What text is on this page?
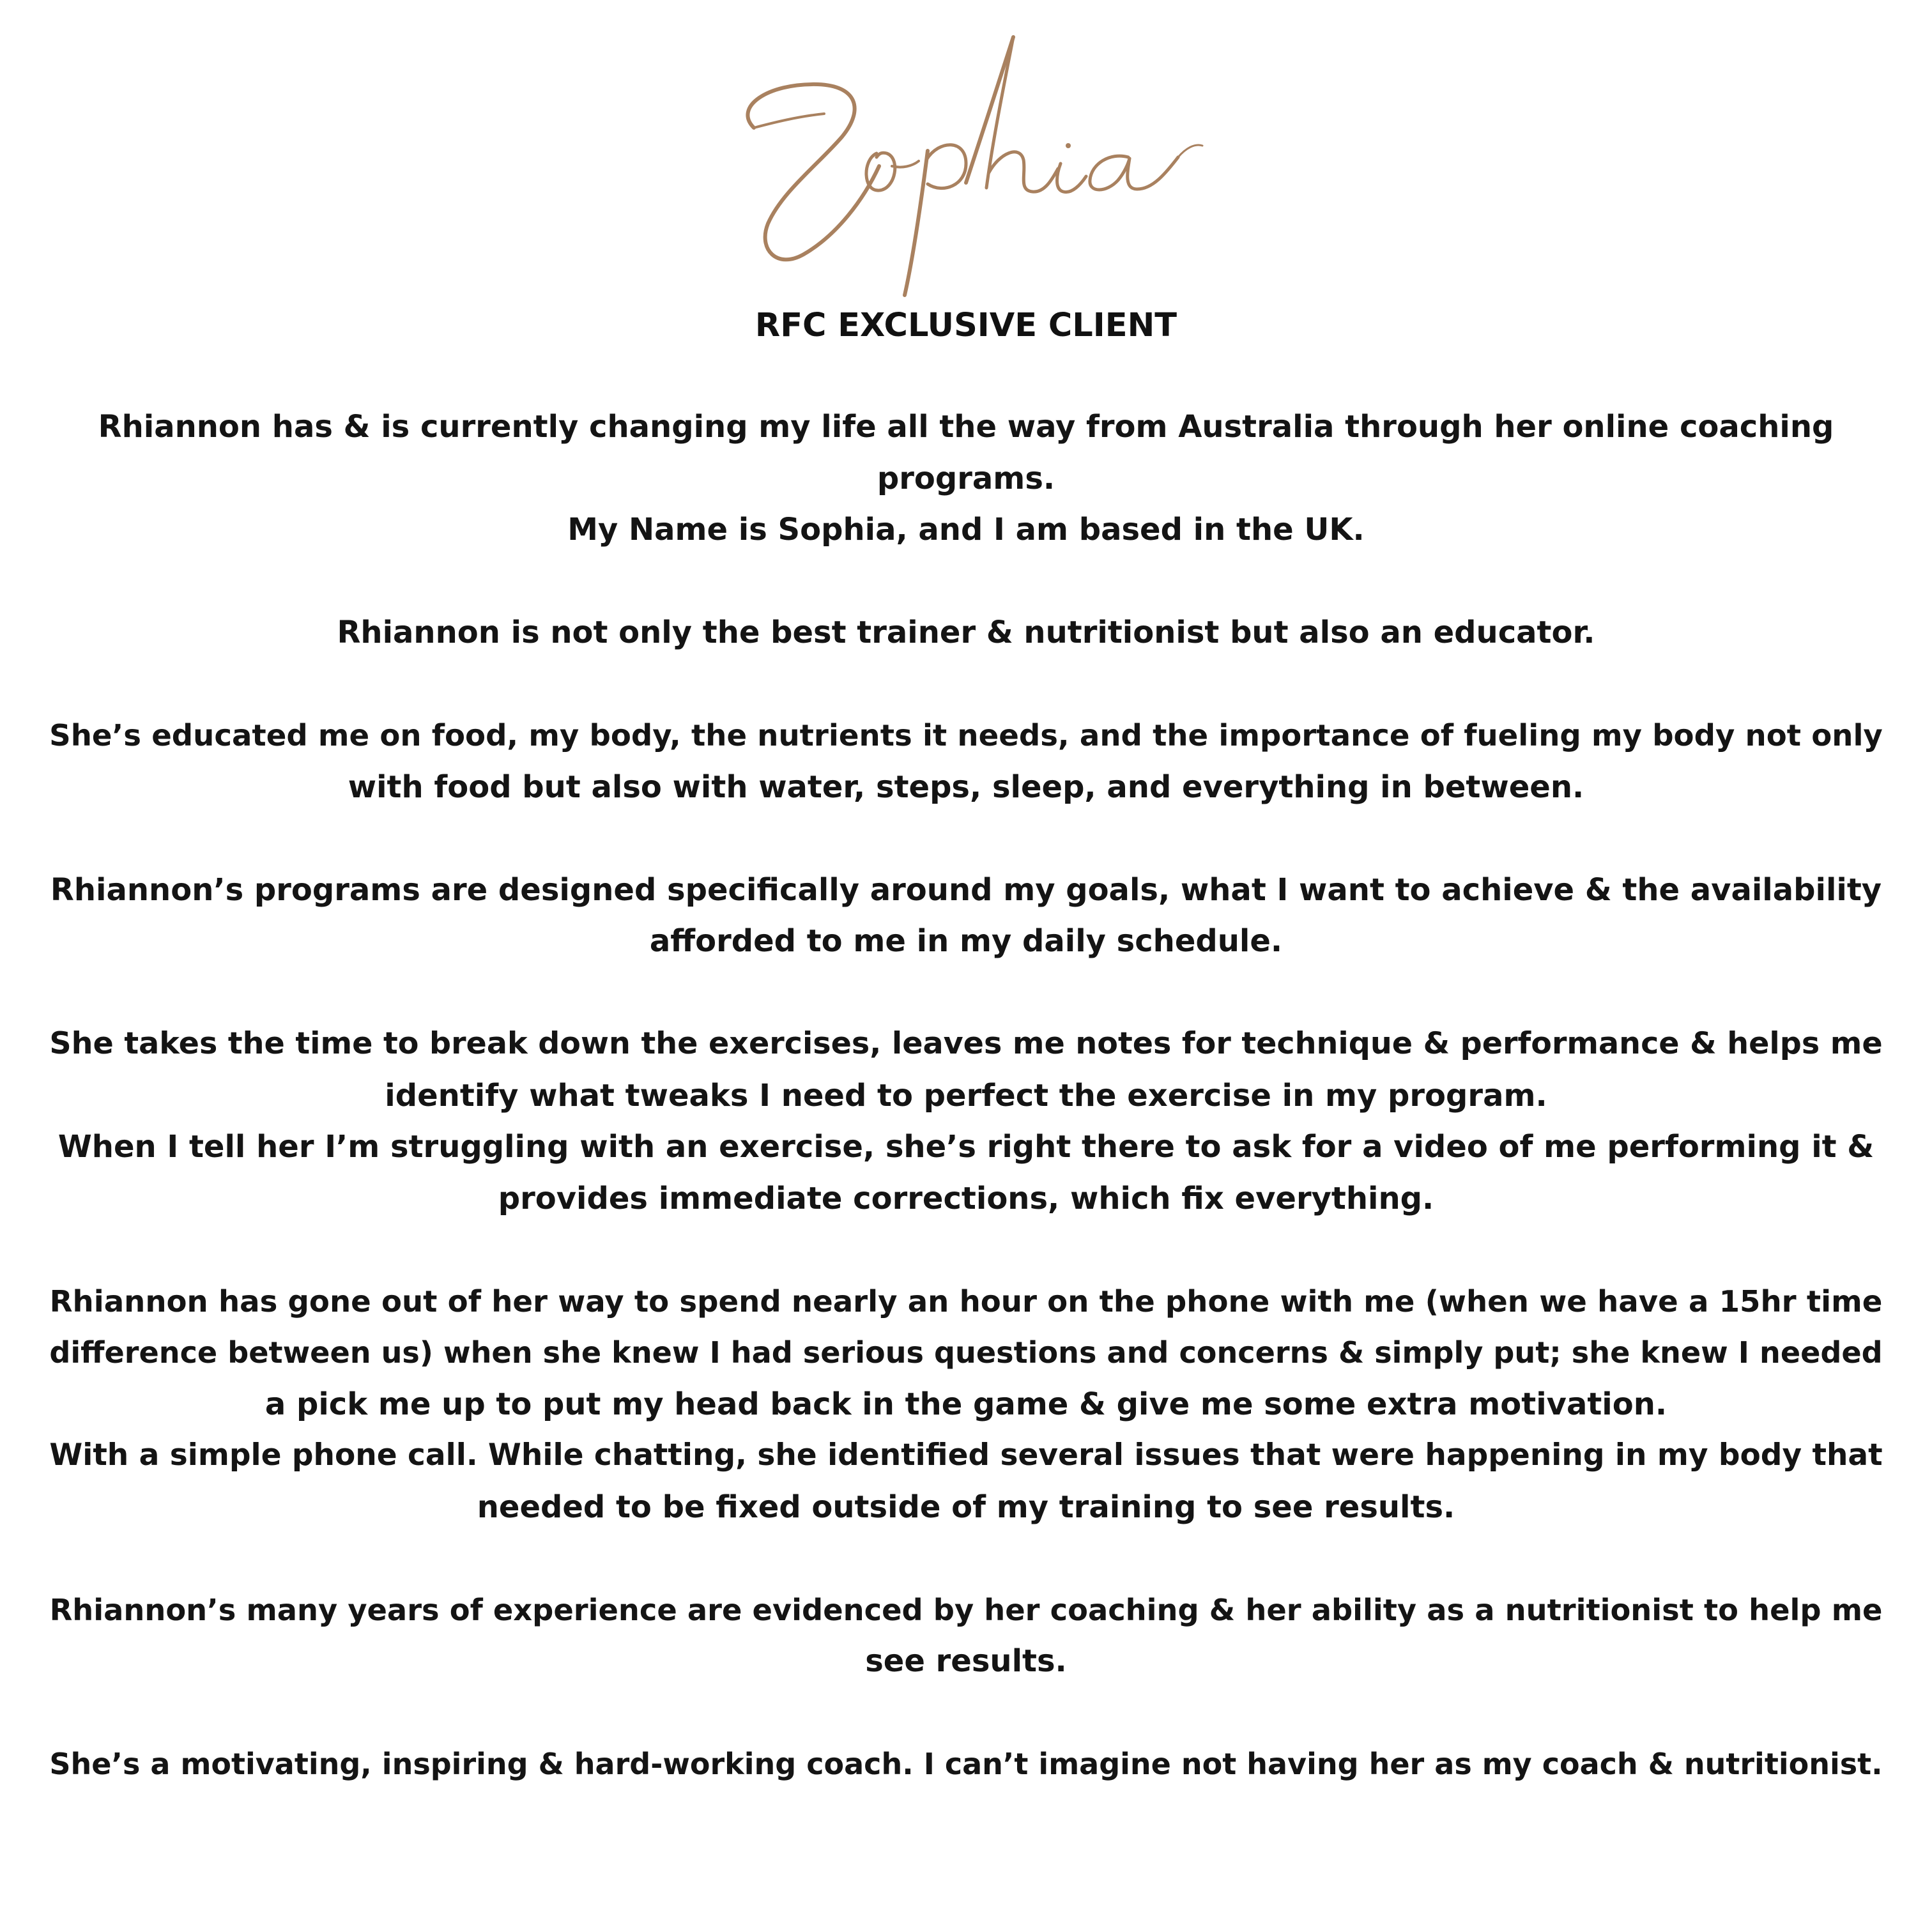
RFC EXCLUSIVE CLIENT
Rhiannon has & is currently changing my life all the way from Australia through her online coaching
programs.
My Name is Sophia, and I am based in the UK.
Rhiannon is not only the best trainer & nutritionist but also an educator.
She’s educated me on food, my body, the nutrients it needs, and the importance of fueling my body not only
with food but also with water, steps, sleep, and everything in between.
Rhiannon’s programs are designed specifically around my goals, what I want to achieve & the availability
afforded to me in my daily schedule.
She takes the time to break down the exercises, leaves me notes for technique & performance & helps me
identify what tweaks I need to perfect the exercise in my program.
When I tell her I’m struggling with an exercise, she’s right there to ask for a video of me performing it &
provides immediate corrections, which fix everything.
Rhiannon has gone out of her way to spend nearly an hour on the phone with me (when we have a 15hr time
difference between us) when she knew I had serious questions and concerns & simply put; she knew I needed
a pick me up to put my head back in the game & give me some extra motivation.
With a simple phone call. While chatting, she identified several issues that were happening in my body that
needed to be fixed outside of my training to see results.
Rhiannon’s many years of experience are evidenced by her coaching & her ability as a nutritionist to help me
see results.
She’s a motivating, inspiring & hard-working coach. I can’t imagine not having her as my coach & nutritionist.
